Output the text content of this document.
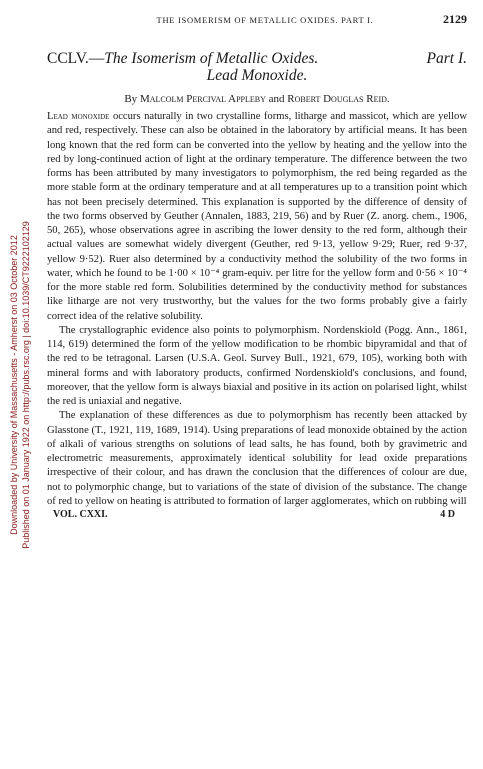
Downloaded by University of Massachusetts - Amherst on 03 October 2012 Published on 01 January 1922 on http://pubs.rsc.org | doi:10.1039/CT9222102129
THE ISOMERISM OF METALLIC OXIDES. PART I.	2129
CCLV.—The Isomerism of Metallic Oxides.	Part I.
Lead Monoxide.
By Malcolm Percival Appleby and Robert Douglas Reid.

Lead monoxide occurs naturally in two crystalline forms, litharge and massicot, which are yellow and red, respectively. These can also be obtained in the laboratory by artificial means. It has been long known that the red form can be converted into the yellow by heating and the yellow into the red by long-continued action of light at the ordinary temperature. The difference between the two forms has been attributed by many investigators to polymorphism, the red being regarded as the more stable form at the ordinary temperature and at all temperatures up to a transition point which has not been precisely determined. This explanation is supported by the difference of density of the two forms observed by Geuther (Annalen, 1883, 219, 56) and by Ruer (Z. anorg. chem., 1906, 50, 265), whose observations agree in ascribing the lower density to the red form, although their actual values are somewhat widely divergent (Geuther, red 9·13, yellow 9·29; Ruer, red 9·37, yellow 9·52). Ruer also determined by a conductivity method the solubility of the two forms in water, which he found to be 1·00 × 10⁻⁴ gram-equiv. per litre for the yellow form and 0·56 × 10⁻⁴ for the more stable red form. Solubilities determined by the conductivity method for substances like litharge are not very trustworthy, but the values for the two forms probably give a fairly correct idea of the relative solubility.

The crystallographic evidence also points to polymorphism. Nordenskiold (Pogg. Ann., 1861, 114, 619) determined the form of the yellow modification to be rhombic bipyramidal and that of the red to be tetragonal. Larsen (U.S.A. Geol. Survey Bull., 1921, 679, 105), working both with mineral forms and with laboratory products, confirmed Nordenskiold's conclusions, and found, moreover, that the yellow form is always biaxial and positive in its action on polarised light, whilst the red is uniaxial and negative.

The explanation of these differences as due to polymorphism has recently been attacked by Glasstone (T., 1921, 119, 1689, 1914). Using preparations of lead monoxide obtained by the action of alkali of various strengths on solutions of lead salts, he has found, both by gravimetric and electrometric measurements, approximately identical solubility for lead oxide preparations irrespective of their colour, and has drawn the conclusion that the differences of colour are due, not to polymorphic change, but to variations of the state of division of the substance. The change of red to yellow on heating is attributed to formation of larger agglomerates, which on rubbing will

VOL. CXXI.	4 D
